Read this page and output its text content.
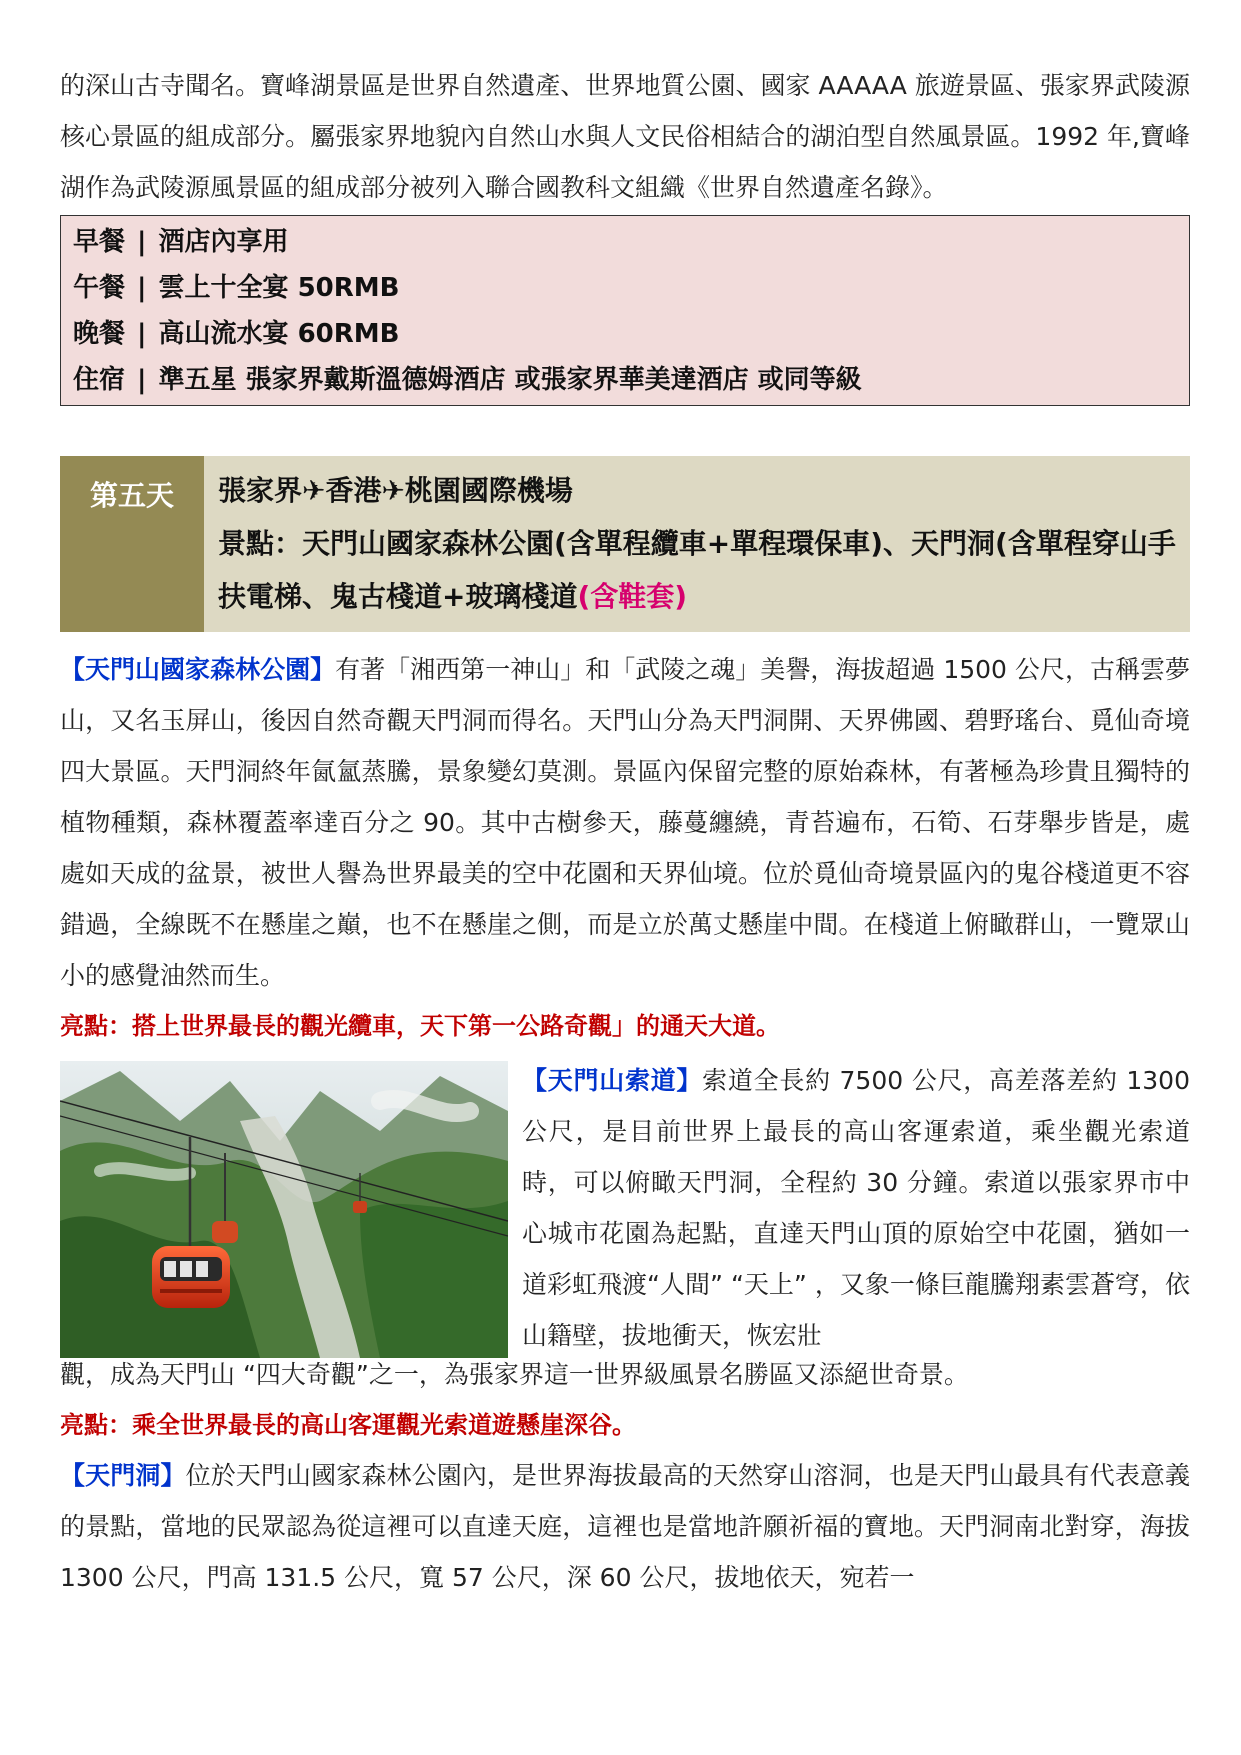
的深山古寺聞名。寶峰湖景區是世界自然遺產、世界地質公園、國家 AAAAA 旅遊景區、張家界武陵源核心景區的組成部分。屬張家界地貌內自然山水與人文民俗相結合的湖泊型自然風景區。1992 年,寶峰湖作為武陵源風景區的組成部分被列入聯合國教科文組織《世界自然遺產名錄》。

早餐 | 酒店內享用
午餐 | 雲上十全宴 50RMB
晚餐 | 高山流水宴 60RMB
住宿 | 準五星 張家界戴斯溫德姆酒店 或張家界華美達酒店 或同等級
第五天	張家界✈香港✈桃園國際機場
景點：天門山國家森林公園(含單程纜車+單程環保車)、天門洞(含單程穿山手扶電梯、鬼古棧道+玻璃棧道(含鞋套)

【天門山國家森林公園】有著「湘西第一神山」和「武陵之魂」美譽，海拔超過 1500 公尺，古稱雲夢山，又名玉屏山，後因自然奇觀天門洞而得名。天門山分為天門洞開、天界佛國、碧野瑤台、覓仙奇境四大景區。天門洞終年氤氳蒸騰，景象變幻莫測。景區內保留完整的原始森林，有著極為珍貴且獨特的植物種類，森林覆蓋率達百分之 90。其中古樹參天，藤蔓纏繞，青苔遍布，石筍、石芽舉步皆是，處處如天成的盆景，被世人譽為世界最美的空中花園和天界仙境。位於覓仙奇境景區內的鬼谷棧道更不容錯過，全線既不在懸崖之巔，也不在懸崖之側，而是立於萬丈懸崖中間。在棧道上俯瞰群山，一覽眾山小的感覺油然而生。

亮點：搭上世界最長的觀光纜車，天下第一公路奇觀」的通天大道。

【天門山索道】索道全長約 7500 公尺，高差落差約 1300 公尺，是目前世界上最長的高山客運索道，乘坐觀光索道時，可以俯瞰天門洞，全程約 30 分鐘。索道以張家界市中心城市花園為起點，直達天門山頂的原始空中花園，猶如一道彩虹飛渡“人間” “天上” ，又象一條巨龍騰翔素雲蒼穹，依山籍壁，拔地衝天，恢宏壯

觀，成為天門山 “四大奇觀”之一，為張家界這一世界級風景名勝區又添絕世奇景。

亮點：乘全世界最長的高山客運觀光索道遊懸崖深谷。

【天門洞】位於天門山國家森林公園內，是世界海拔最高的天然穿山溶洞，也是天門山最具有代表意義的景點，當地的民眾認為從這裡可以直達天庭，這裡也是當地許願祈福的寶地。天門洞南北對穿，海拔 1300 公尺，門高 131.5 公尺，寬 57 公尺，深 60 公尺，拔地依天，宛若一
